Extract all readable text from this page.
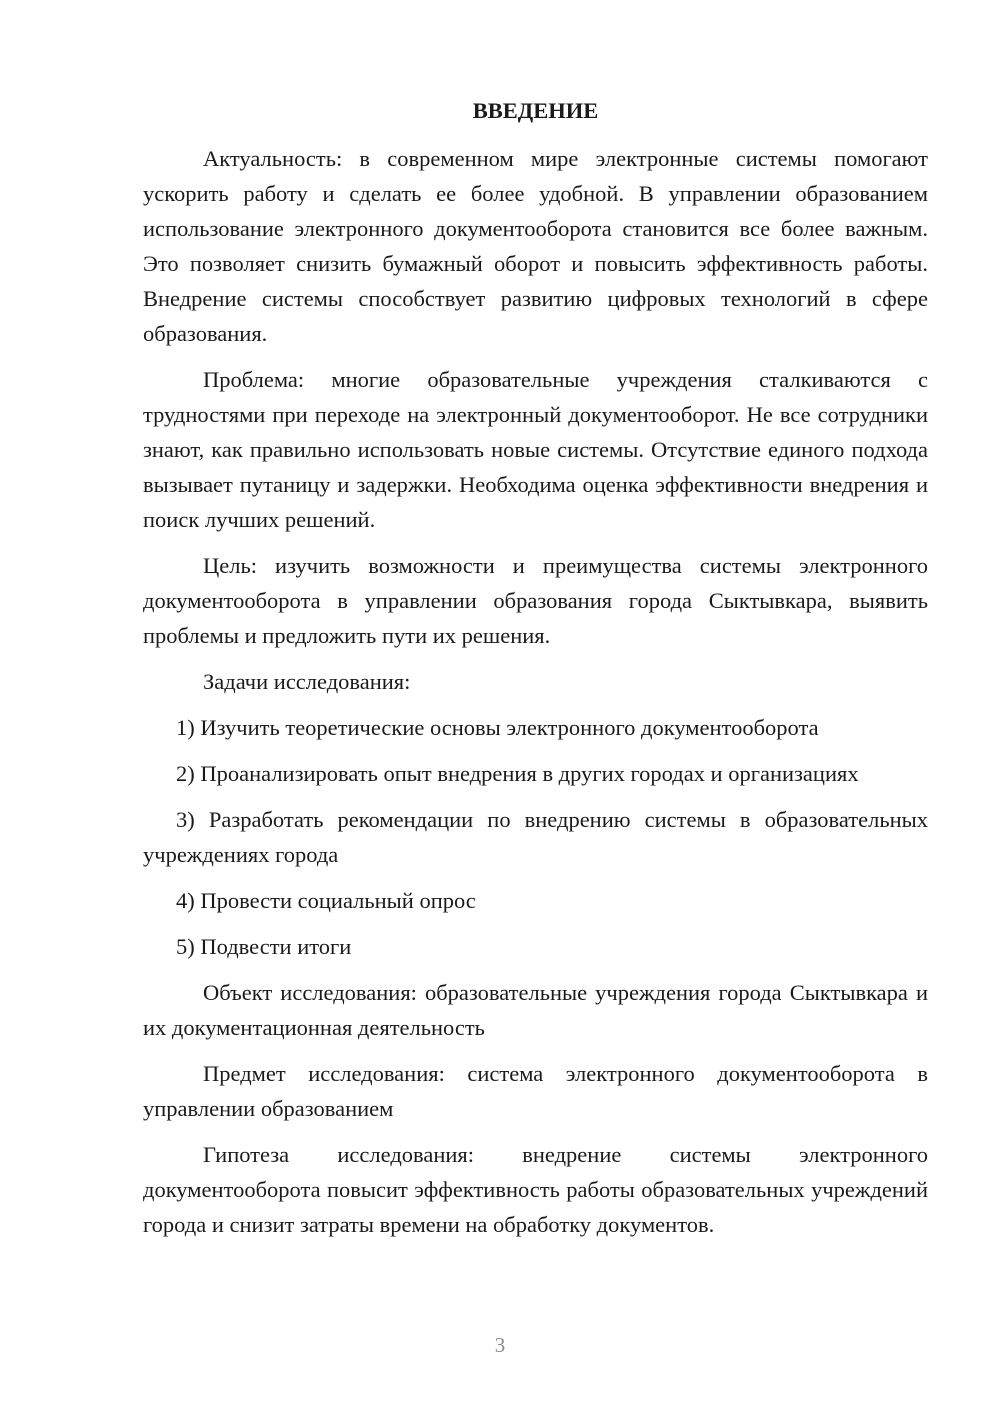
ВВЕДЕНИЕ

Актуальность: в современном мире электронные системы помогают ускорить работу и сделать ее более удобной. В управлении образованием использование электронного документооборота становится все более важным. Это позволяет снизить бумажный оборот и повысить эффективность работы. Внедрение системы способствует развитию цифровых технологий в сфере образования.

Проблема: многие образовательные учреждения сталкиваются с трудностями при переходе на электронный документооборот. Не все сотрудники знают, как правильно использовать новые системы. Отсутствие единого подхода вызывает путаницу и задержки. Необходима оценка эффективности внедрения и поиск лучших решений.

Цель: изучить возможности и преимущества системы электронного документооборота в управлении образования города Сыктывкара, выявить проблемы и предложить пути их решения.

Задачи исследования:

1) Изучить теоретические основы электронного документооборота

2) Проанализировать опыт внедрения в других городах и организациях

3) Разработать рекомендации по внедрению системы в образовательных учреждениях города

4) Провести социальный опрос

5) Подвести итоги

Объект исследования: образовательные учреждения города Сыктывкара и их документационная деятельность

Предмет исследования: система электронного документооборота в управлении образованием

Гипотеза исследования: внедрение системы электронного документооборота повысит эффективность работы образовательных учреждений города и снизит затраты времени на обработку документов.

3
